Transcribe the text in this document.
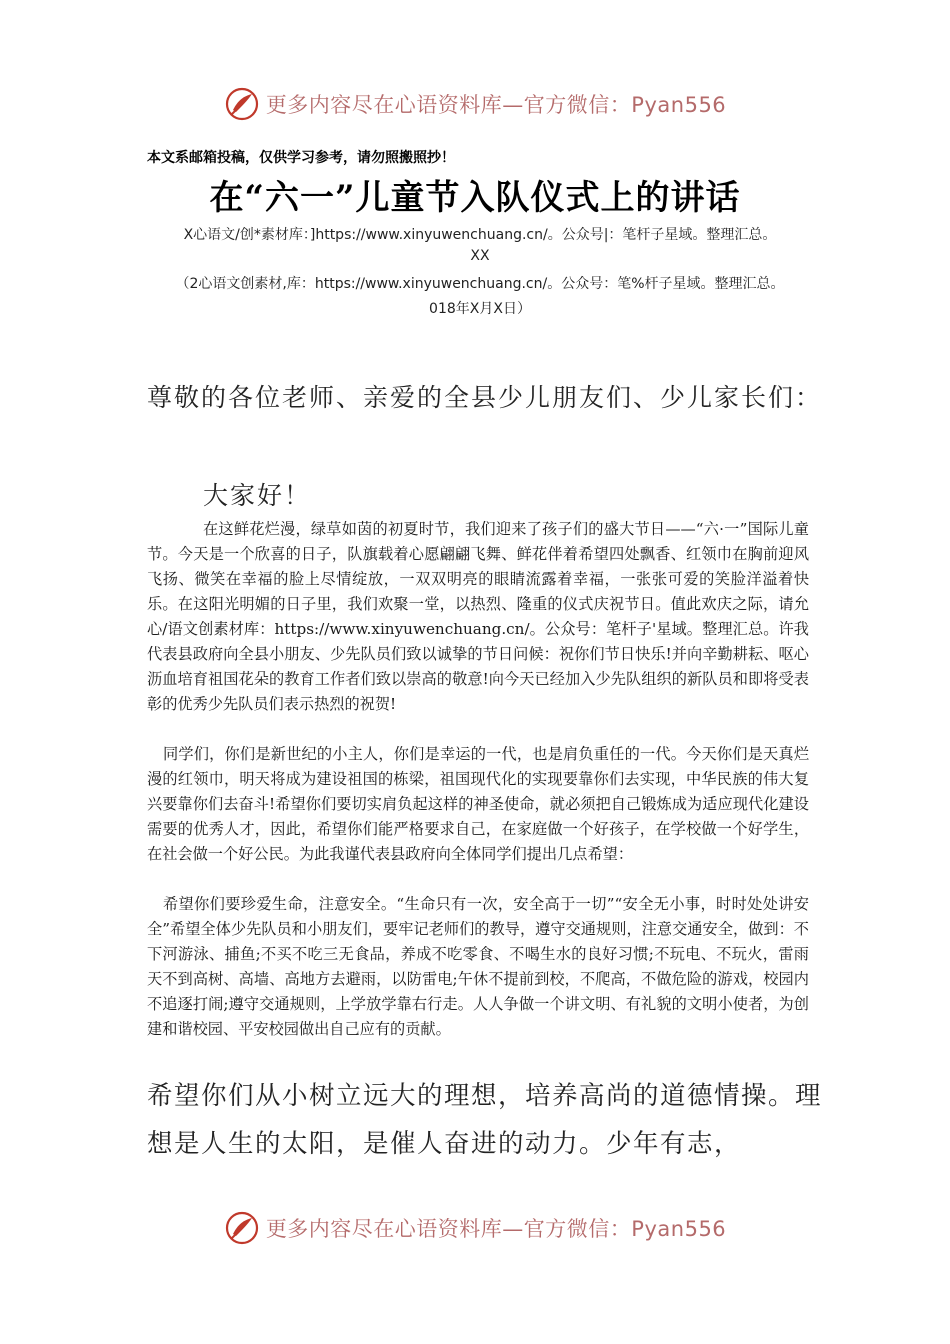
更多内容尽在心语资料库—官方微信：Pyan556
本文系邮箱投稿，仅供学习参考，请勿照搬照抄！
在“六一”儿童节入队仪式上的讲话
X心语文/创*素材库：]https://www.xinyuwenchuang.cn/。公众号|：笔杆子星域。整理汇总。
XX
（2心语文创素材,库：https://www.xinyuwenchuang.cn/。公众号：笔%杆子星域。整理汇总。
018年X月X日）
尊敬的各位老师、亲爱的全县少儿朋友们、少儿家长们：
大家好！
在这鲜花烂漫，绿草如茵的初夏时节，我们迎来了孩子们的盛大节日——“六·一”国际儿童节。今天是一个欣喜的日子，队旗载着心愿翩翩飞舞、鲜花伴着希望四处飘香、红领巾在胸前迎风飞扬、微笑在幸福的脸上尽情绽放，一双双明亮的眼睛流露着幸福，一张张可爱的笑脸洋溢着快乐。在这阳光明媚的日子里，我们欢聚一堂，以热烈、隆重的仪式庆祝节日。值此欢庆之际，请允心/语文创素材库：https://www.xinyuwenchuang.cn/。公众号：笔杆子'星域。整理汇总。许我代表县政府向全县小朋友、少先队员们致以诚挚的节日问候：祝你们节日快乐!并向辛勤耕耘、呕心沥血培育祖国花朵的教育工作者们致以崇高的敬意!向今天已经加入少先队组织的新队员和即将受表彰的优秀少先队员们表示热烈的祝贺!
同学们，你们是新世纪的小主人，你们是幸运的一代，也是肩负重任的一代。今天你们是天真烂漫的红领巾，明天将成为建设祖国的栋梁，祖国现代化的实现要靠你们去实现，中华民族的伟大复兴要靠你们去奋斗!希望你们要切实肩负起这样的神圣使命，就必须把自己锻炼成为适应现代化建设需要的优秀人才，因此，希望你们能严格要求自己，在家庭做一个好孩子，在学校做一个好学生，在社会做一个好公民。为此我谨代表县政府向全体同学们提出几点希望：
希望你们要珍爱生命，注意安全。“生命只有一次，安全高于一切”“安全无小事，时时处处讲安全”希望全体少先队员和小朋友们，要牢记老师们的教导，遵守交通规则，注意交通安全，做到：不下河游泳、捕鱼;不买不吃三无食品，养成不吃零食、不喝生水的良好习惯;不玩电、不玩火，雷雨天不到高树、高墙、高地方去避雨，以防雷电;午休不提前到校，不爬高，不做危险的游戏，校园内不追逐打闹;遵守交通规则，上学放学靠右行走。人人争做一个讲文明、有礼貌的文明小使者，为创建和谐校园、平安校园做出自己应有的贡献。
希望你们从小树立远大的理想，培养高尚的道德情操。理想是人生的太阳，是催人奋进的动力。少年有志，
更多内容尽在心语资料库—官方微信：Pyan556
